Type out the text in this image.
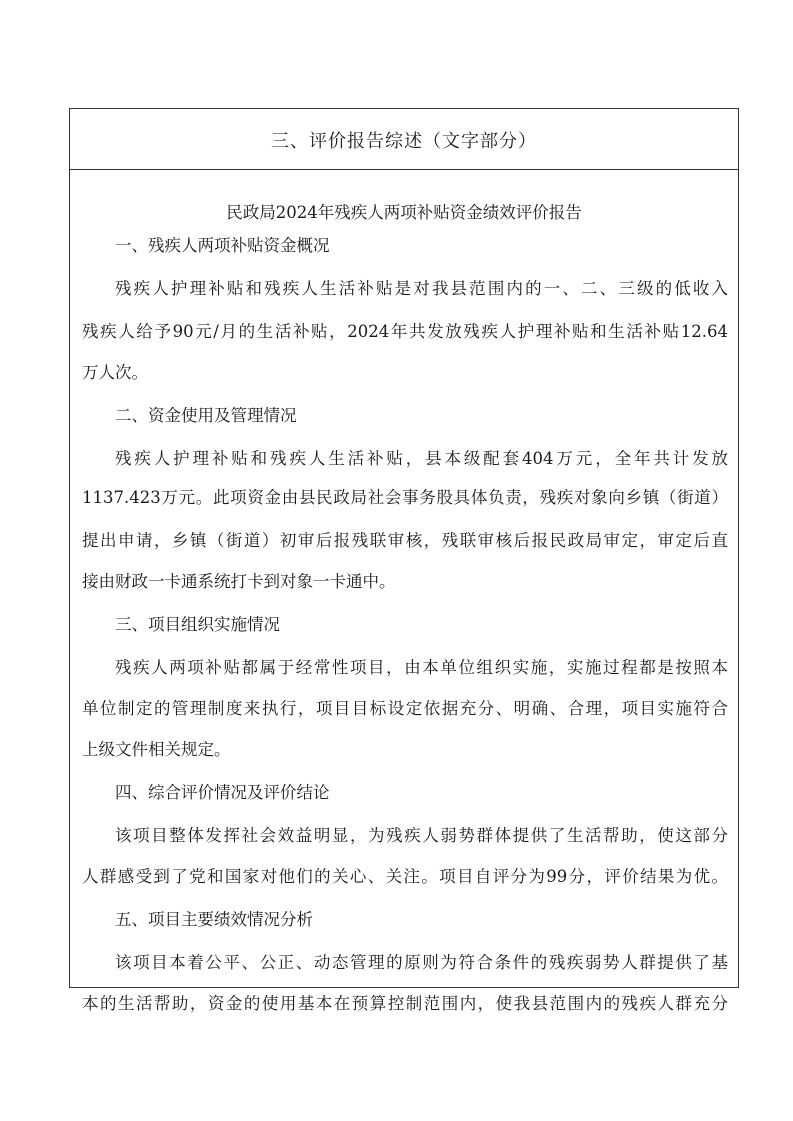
三、评价报告综述（文字部分）
民政局2024年残疾人两项补贴资金绩效评价报告
一、残疾人两项补贴资金概况
残疾人护理补贴和残疾人生活补贴是对我县范围内的一、二、三级的低收入
残疾人给予90元/月的生活补贴，2024年共发放残疾人护理补贴和生活补贴12.64
万人次。
二、资金使用及管理情况
残疾人护理补贴和残疾人生活补贴，县本级配套404万元，全年共计发放
1137.423万元。此项资金由县民政局社会事务股具体负责，残疾对象向乡镇（街道）
提出申请，乡镇（街道）初审后报残联审核，残联审核后报民政局审定，审定后直
接由财政一卡通系统打卡到对象一卡通中。
三、项目组织实施情况
残疾人两项补贴都属于经常性项目，由本单位组织实施，实施过程都是按照本
单位制定的管理制度来执行，项目目标设定依据充分、明确、合理，项目实施符合
上级文件相关规定。
四、综合评价情况及评价结论
该项目整体发挥社会效益明显，为残疾人弱势群体提供了生活帮助，使这部分
人群感受到了党和国家对他们的关心、关注。项目自评分为99分，评价结果为优。
五、项目主要绩效情况分析
该项目本着公平、公正、动态管理的原则为符合条件的残疾弱势人群提供了基
本的生活帮助，资金的使用基本在预算控制范围内，使我县范围内的残疾人群充分
